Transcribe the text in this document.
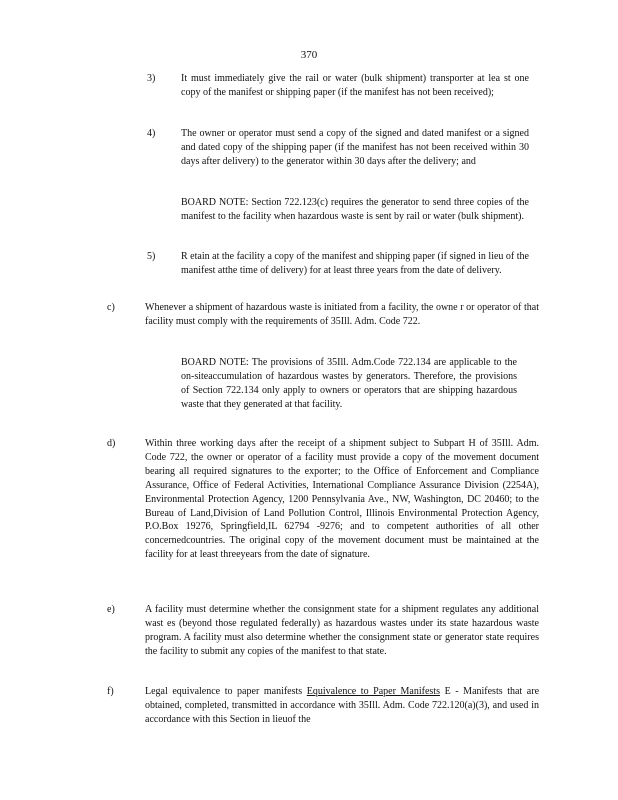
370
3)	It must immediately give the rail or water (bulk shipment) transporter at lea st one copy of the manifest or shipping paper (if the manifest has not been received);
4)	The owner or operator must send a copy of the signed and dated manifest or a signed and dated copy of the shipping paper (if the manifest has not been received within 30 days after delivery) to the generator within 30 days after the delivery; and
BOARD NOTE: Section 722.123(c) requires the generator to send three copies of the manifest to the facility when hazardous waste is sent by rail or water (bulk shipment).
5)	R etain at the facility a copy of the manifest and shipping paper (if signed in lieu of the manifest atthe time of delivery) for at least three years from the date of delivery.
c)	Whenever a shipment of hazardous waste is initiated from a facility, the owne r or operator of that facility must comply with the requirements of 35Ill. Adm. Code 722.
BOARD NOTE: The provisions of 35Ill. Adm.Code 722.134 are applicable to the on-siteaccumulation of hazardous wastes by generators. Therefore, the provisions of Section 722.134 only apply to owners or operators that are shipping hazardous waste that they generated at that facility.
d)	Within three working days after the receipt of a shipment subject to Subpart H of 35Ill. Adm. Code 722, the owner or operator of a facility must provide a copy of the movement document bearing all required signatures to the exporter; to the Office of Enforcement and Compliance Assurance, Office of Federal Activities, International Compliance Assurance Division (2254A), Environmental Protection Agency, 1200 Pennsylvania Ave., NW, Washington, DC 20460; to the Bureau of Land,Division of Land Pollution Control, Illinois Environmental Protection Agency, P.O.Box 19276, Springfield,IL 62794 -9276; and to competent authorities of all other concernedcountries. The original copy of the movement document must be maintained at the facility for at least threeyears from the date of signature.
e)	A facility must determine whether the consignment state for a shipment regulates any additional wast es (beyond those regulated federally) as hazardous wastes under its state hazardous waste program. A facility must also determine whether the consignment state or generator state requires the facility to submit any copies of the manifest to that state.
f)	Legal equivalence to paper manifests Equivalence to Paper Manifests E - Manifests that are obtained, completed, transmitted in accordance with 35Ill. Adm. Code 722.120(a)(3), and used in accordance with this Section in lieuof the
